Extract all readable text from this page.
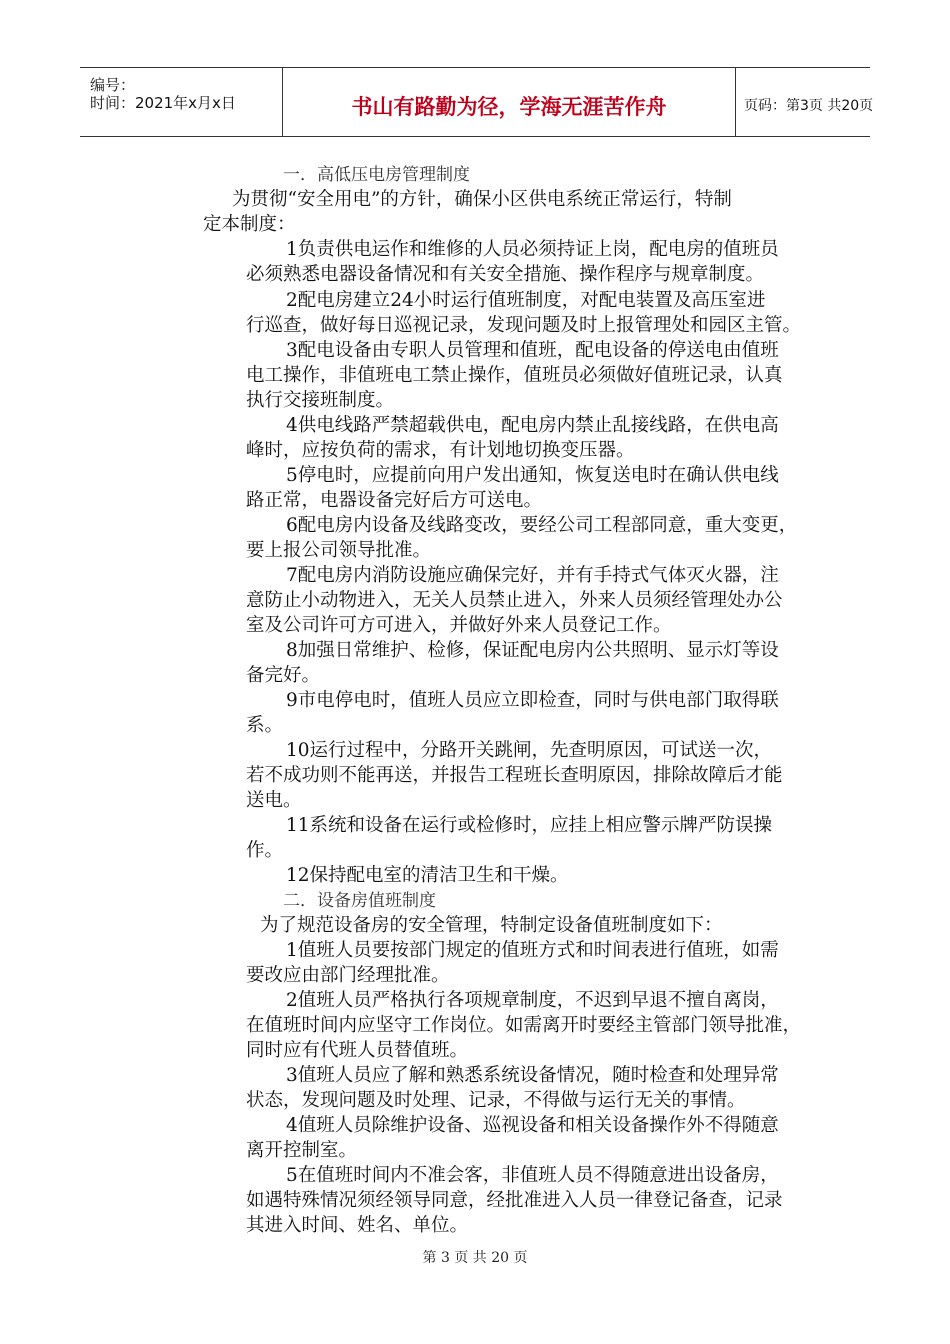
编号：
时间：2021年x月x日	书山有路勤为径，学海无涯苦作舟	页码：第3页 共20页
一．高低压电房管理制度
为贯彻“安全用电”的方针，确保小区供电系统正常运行，特制
定本制度：
1负责供电运作和维修的人员必须持证上岗，配电房的值班员
必须熟悉电器设备情况和有关安全措施、操作程序与规章制度。
2配电房建立24小时运行值班制度，对配电装置及高压室进
行巡查，做好每日巡视记录，发现问题及时上报管理处和园区主管。
3配电设备由专职人员管理和值班，配电设备的停送电由值班
电工操作，非值班电工禁止操作，值班员必须做好值班记录，认真
执行交接班制度。
4供电线路严禁超载供电，配电房内禁止乱接线路，在供电高
峰时，应按负荷的需求，有计划地切换变压器。
5停电时，应提前向用户发出通知，恢复送电时在确认供电线
路正常，电器设备完好后方可送电。
6配电房内设备及线路变改，要经公司工程部同意，重大变更，
要上报公司领导批准。
7配电房内消防设施应确保完好，并有手持式气体灭火器，注
意防止小动物进入，无关人员禁止进入，外来人员须经管理处办公
室及公司许可方可进入，并做好外来人员登记工作。
8加强日常维护、检修，保证配电房内公共照明、显示灯等设
备完好。
9市电停电时，值班人员应立即检查，同时与供电部门取得联
系。
10运行过程中，分路开关跳闸，先查明原因，可试送一次，
若不成功则不能再送，并报告工程班长查明原因，排除故障后才能
送电。
11系统和设备在运行或检修时，应挂上相应警示牌严防误操
作。
12保持配电室的清洁卫生和干燥。
二．设备房值班制度
为了规范设备房的安全管理，特制定设备值班制度如下：
1值班人员要按部门规定的值班方式和时间表进行值班，如需
要改应由部门经理批准。
2值班人员严格执行各项规章制度，不迟到早退不擅自离岗，
在值班时间内应坚守工作岗位。如需离开时要经主管部门领导批准，
同时应有代班人员替值班。
3值班人员应了解和熟悉系统设备情况，随时检查和处理异常
状态，发现问题及时处理、记录，不得做与运行无关的事情。
4值班人员除维护设备、巡视设备和相关设备操作外不得随意
离开控制室。
5在值班时间内不准会客，非值班人员不得随意进出设备房，
如遇特殊情况须经领导同意，经批准进入人员一律登记备查，记录
其进入时间、姓名、单位。
第 3 页 共 20 页
